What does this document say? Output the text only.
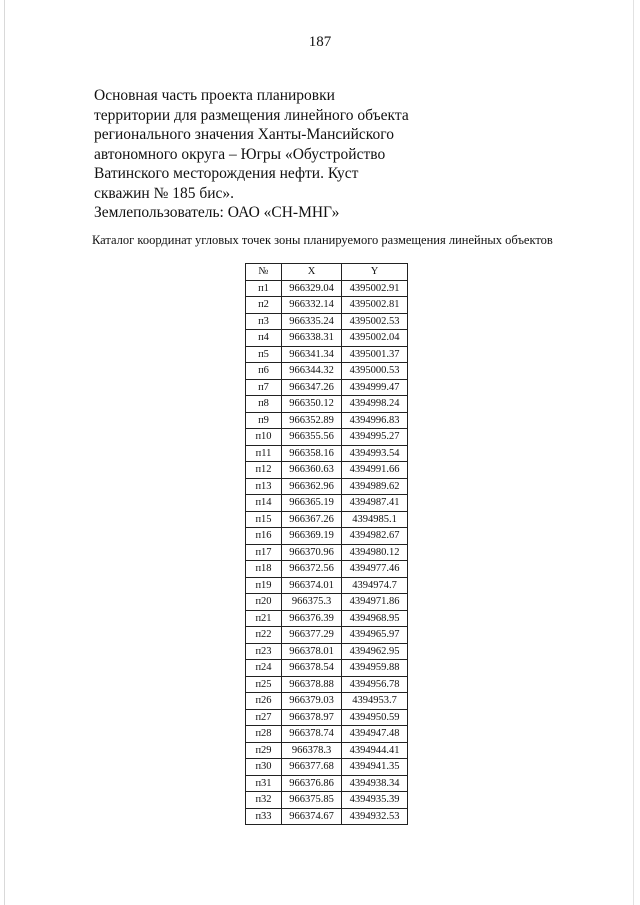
187
Основная часть проекта планировки
территории для размещения линейного объекта
регионального значения Ханты-Мансийского
автономного округа – Югры «Обустройство
Ватинского месторождения нефти. Куст
скважин № 185 бис».
Землепользователь: ОАО «СН-МНГ»
Каталог координат угловых точек зоны планируемого размещения линейных объектов
№	X	Y
п1	966329.04	4395002.91
п2	966332.14	4395002.81
п3	966335.24	4395002.53
п4	966338.31	4395002.04
п5	966341.34	4395001.37
п6	966344.32	4395000.53
п7	966347.26	4394999.47
п8	966350.12	4394998.24
п9	966352.89	4394996.83
п10	966355.56	4394995.27
п11	966358.16	4394993.54
п12	966360.63	4394991.66
п13	966362.96	4394989.62
п14	966365.19	4394987.41
п15	966367.26	4394985.1
п16	966369.19	4394982.67
п17	966370.96	4394980.12
п18	966372.56	4394977.46
п19	966374.01	4394974.7
п20	966375.3	4394971.86
п21	966376.39	4394968.95
п22	966377.29	4394965.97
п23	966378.01	4394962.95
п24	966378.54	4394959.88
п25	966378.88	4394956.78
п26	966379.03	4394953.7
п27	966378.97	4394950.59
п28	966378.74	4394947.48
п29	966378.3	4394944.41
п30	966377.68	4394941.35
п31	966376.86	4394938.34
п32	966375.85	4394935.39
п33	966374.67	4394932.53
